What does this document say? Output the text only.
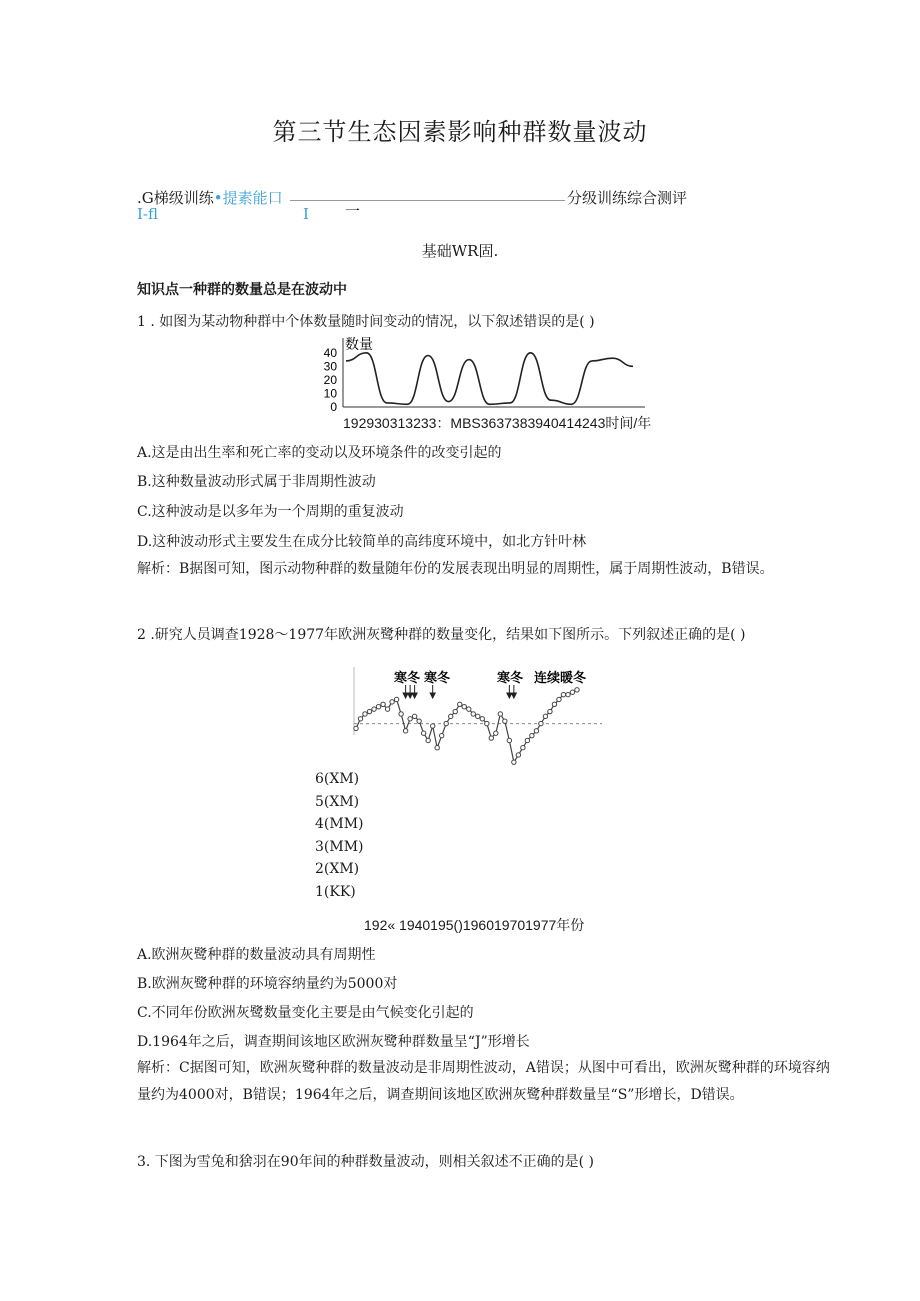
第三节生态因素影响种群数量波动
.G梯级训练•提素能口	分级训练综合测评
I-fl	I 一
基础WR固.
知识点一种群的数量总是在波动中
1 . 如图为某动物种群中个体数量随时间变动的情况，以下叙述错误的是( )
数量
40
30
20
10
0
192930313233：MBS3637383940414243时间/年
A.这是由出生率和死亡率的变动以及环境条件的改变引起的
B.这种数量波动形式属于非周期性波动
C.这种波动是以多年为一个周期的重复波动
D.这种波动形式主要发生在成分比较简单的高纬度环境中，如北方针叶林
解析：B据图可知，图示动物种群的数量随年份的发展表现出明显的周期性，属于周期性波动，B错误。
2 .研究人员调查1928～1977年欧洲灰鹭种群的数量变化，结果如下图所示。下列叙述正确的是( )
寒冬 寒冬	寒冬 连续暖冬
6(XM)
5(XM)
4(MM)
3(MM)
2(XM)
1(KK)
192« 1940195()196019701977年份
A.欧洲灰鹭种群的数量波动具有周期性
B.欧洲灰鹭种群的环境容纳量约为5000对
C.不同年份欧洲灰鹭数量变化主要是由气候变化引起的
D.1964年之后，调查期间该地区欧洲灰鹭种群数量呈“J”形增长
解析：C据图可知，欧洲灰鹭种群的数量波动是非周期性波动，A错误；从图中可看出，欧洲灰鹭种群的环境容纳量约为4000对，B错误；1964年之后，调查期间该地区欧洲灰鹭种群数量呈“S”形增长，D错误。
3. 下图为雪兔和猞羽在90年间的种群数量波动，则相关叙述不正确的是( )
